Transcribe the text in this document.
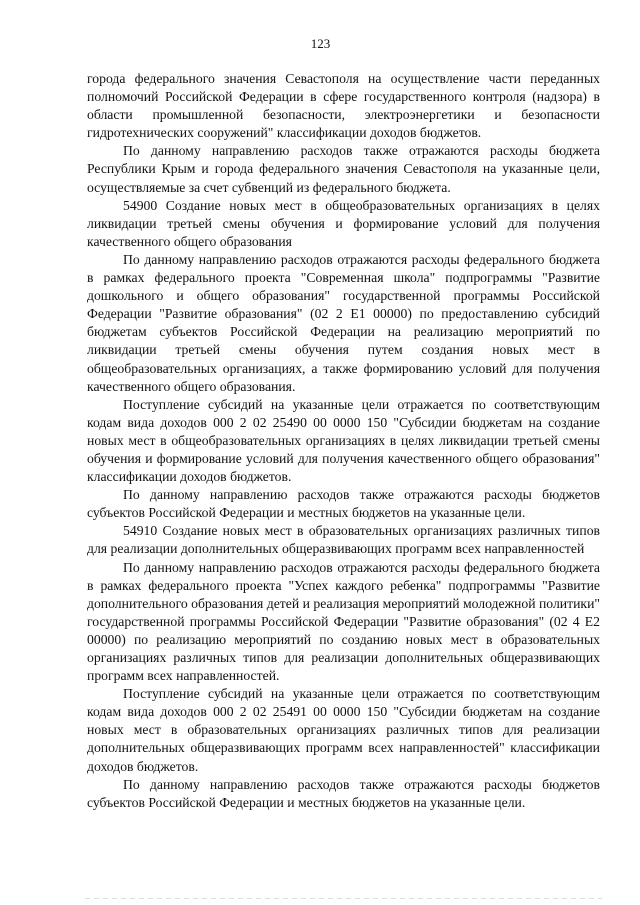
123

города федерального значения Севастополя на осуществление части переданных полномочий Российской Федерации в сфере государственного контроля (надзора) в области промышленной безопасности, электроэнергетики и безопасности гидротехнических сооружений" классификации доходов бюджетов.

По данному направлению расходов также отражаются расходы бюджета Республики Крым и города федерального значения Севастополя на указанные цели, осуществляемые за счет субвенций из федерального бюджета.

54900 Создание новых мест в общеобразовательных организациях в целях ликвидации третьей смены обучения и формирование условий для получения качественного общего образования

По данному направлению расходов отражаются расходы федерального бюджета в рамках федерального проекта "Современная школа" подпрограммы "Развитие дошкольного и общего образования" государственной программы Российской Федерации "Развитие образования" (02 2 E1 00000) по предоставлению субсидий бюджетам субъектов Российской Федерации на реализацию мероприятий по ликвидации третьей смены обучения путем создания новых мест в общеобразовательных организациях, а также формированию условий для получения качественного общего образования.

Поступление субсидий на указанные цели отражается по соответствующим кодам вида доходов 000 2 02 25490 00 0000 150 "Субсидии бюджетам на создание новых мест в общеобразовательных организациях в целях ликвидации третьей смены обучения и формирование условий для получения качественного общего образования" классификации доходов бюджетов.

По данному направлению расходов также отражаются расходы бюджетов субъектов Российской Федерации и местных бюджетов на указанные цели.

54910 Создание новых мест в образовательных организациях различных типов для реализации дополнительных общеразвивающих программ всех направленностей

По данному направлению расходов отражаются расходы федерального бюджета в рамках федерального проекта "Успех каждого ребенка" подпрограммы "Развитие дополнительного образования детей и реализация мероприятий молодежной политики" государственной программы Российской Федерации "Развитие образования" (02 4 E2 00000) по реализацию мероприятий по созданию новых мест в образовательных организациях различных типов для реализации дополнительных общеразвивающих программ всех направленностей.

Поступление субсидий на указанные цели отражается по соответствующим кодам вида доходов 000 2 02 25491 00 0000 150 "Субсидии бюджетам на создание новых мест в образовательных организациях различных типов для реализации дополнительных общеразвивающих программ всех направленностей" классификации доходов бюджетов.

По данному направлению расходов также отражаются расходы бюджетов субъектов Российской Федерации и местных бюджетов на указанные цели.
